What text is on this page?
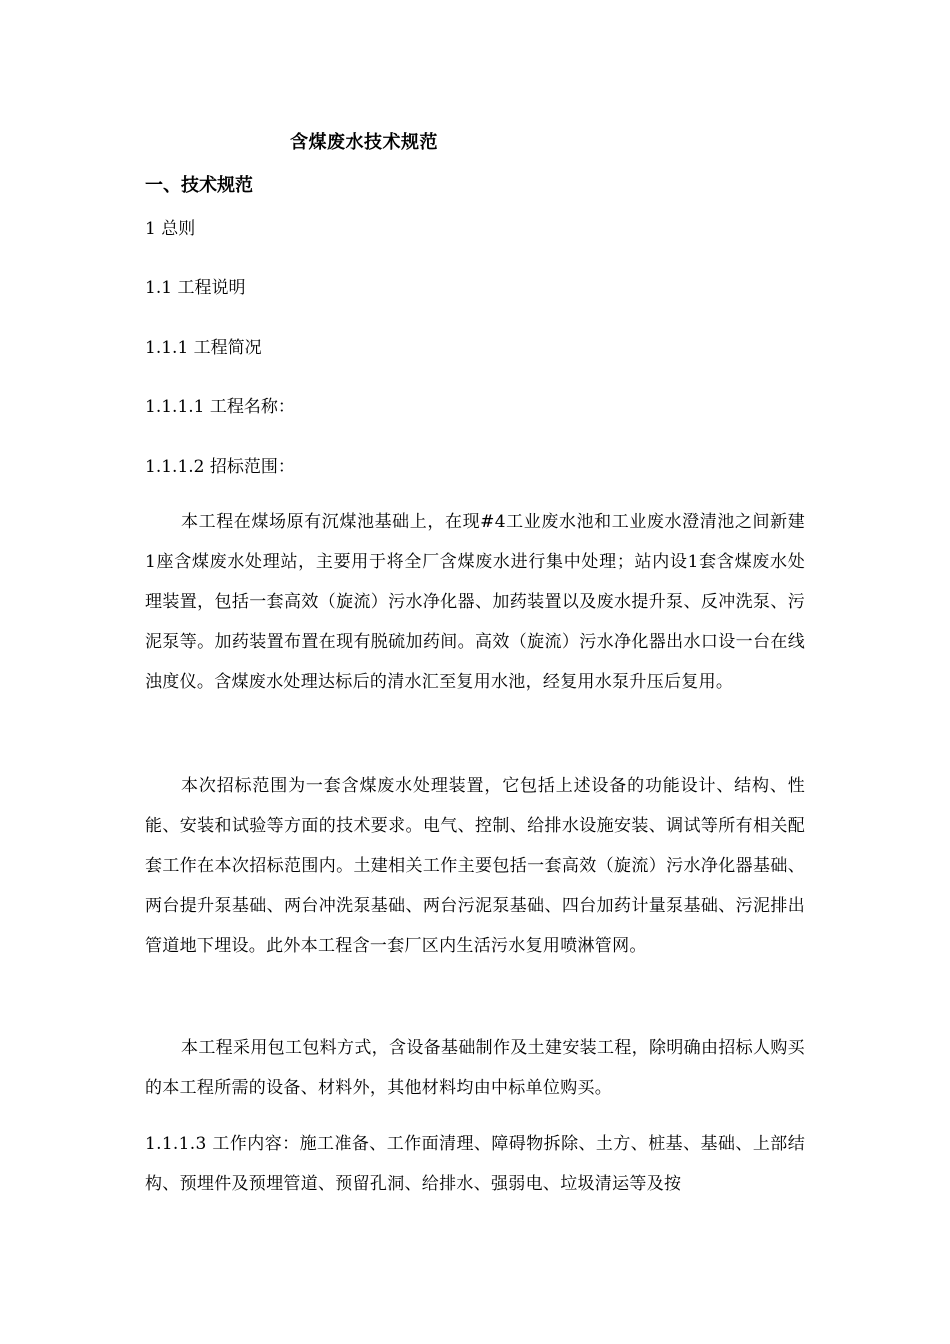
含煤废水技术规范
一、技术规范
1 总则
1.1 工程说明
1.1.1 工程简况
1.1.1.1 工程名称：
1.1.1.2 招标范围：
本工程在煤场原有沉煤池基础上，在现#4工业废水池和工业废水澄清池之间新建1座含煤废水处理站，主要用于将全厂含煤废水进行集中处理；站内设1套含煤废水处理装置，包括一套高效（旋流）污水净化器、加药装置以及废水提升泵、反冲洗泵、污泥泵等。加药装置布置在现有脱硫加药间。高效（旋流）污水净化器出水口设一台在线浊度仪。含煤废水处理达标后的清水汇至复用水池，经复用水泵升压后复用。
本次招标范围为一套含煤废水处理装置，它包括上述设备的功能设计、结构、性能、安装和试验等方面的技术要求。电气、控制、给排水设施安装、调试等所有相关配套工作在本次招标范围内。土建相关工作主要包括一套高效（旋流）污水净化器基础、两台提升泵基础、两台冲洗泵基础、两台污泥泵基础、四台加药计量泵基础、污泥排出管道地下埋设。此外本工程含一套厂区内生活污水复用喷淋管网。
本工程采用包工包料方式，含设备基础制作及土建安装工程，除明确由招标人购买的本工程所需的设备、材料外，其他材料均由中标单位购买。
1.1.1.3 工作内容：施工准备、工作面清理、障碍物拆除、土方、桩基、基础、上部结构、预埋件及预埋管道、预留孔洞、给排水、强弱电、垃圾清运等及按
